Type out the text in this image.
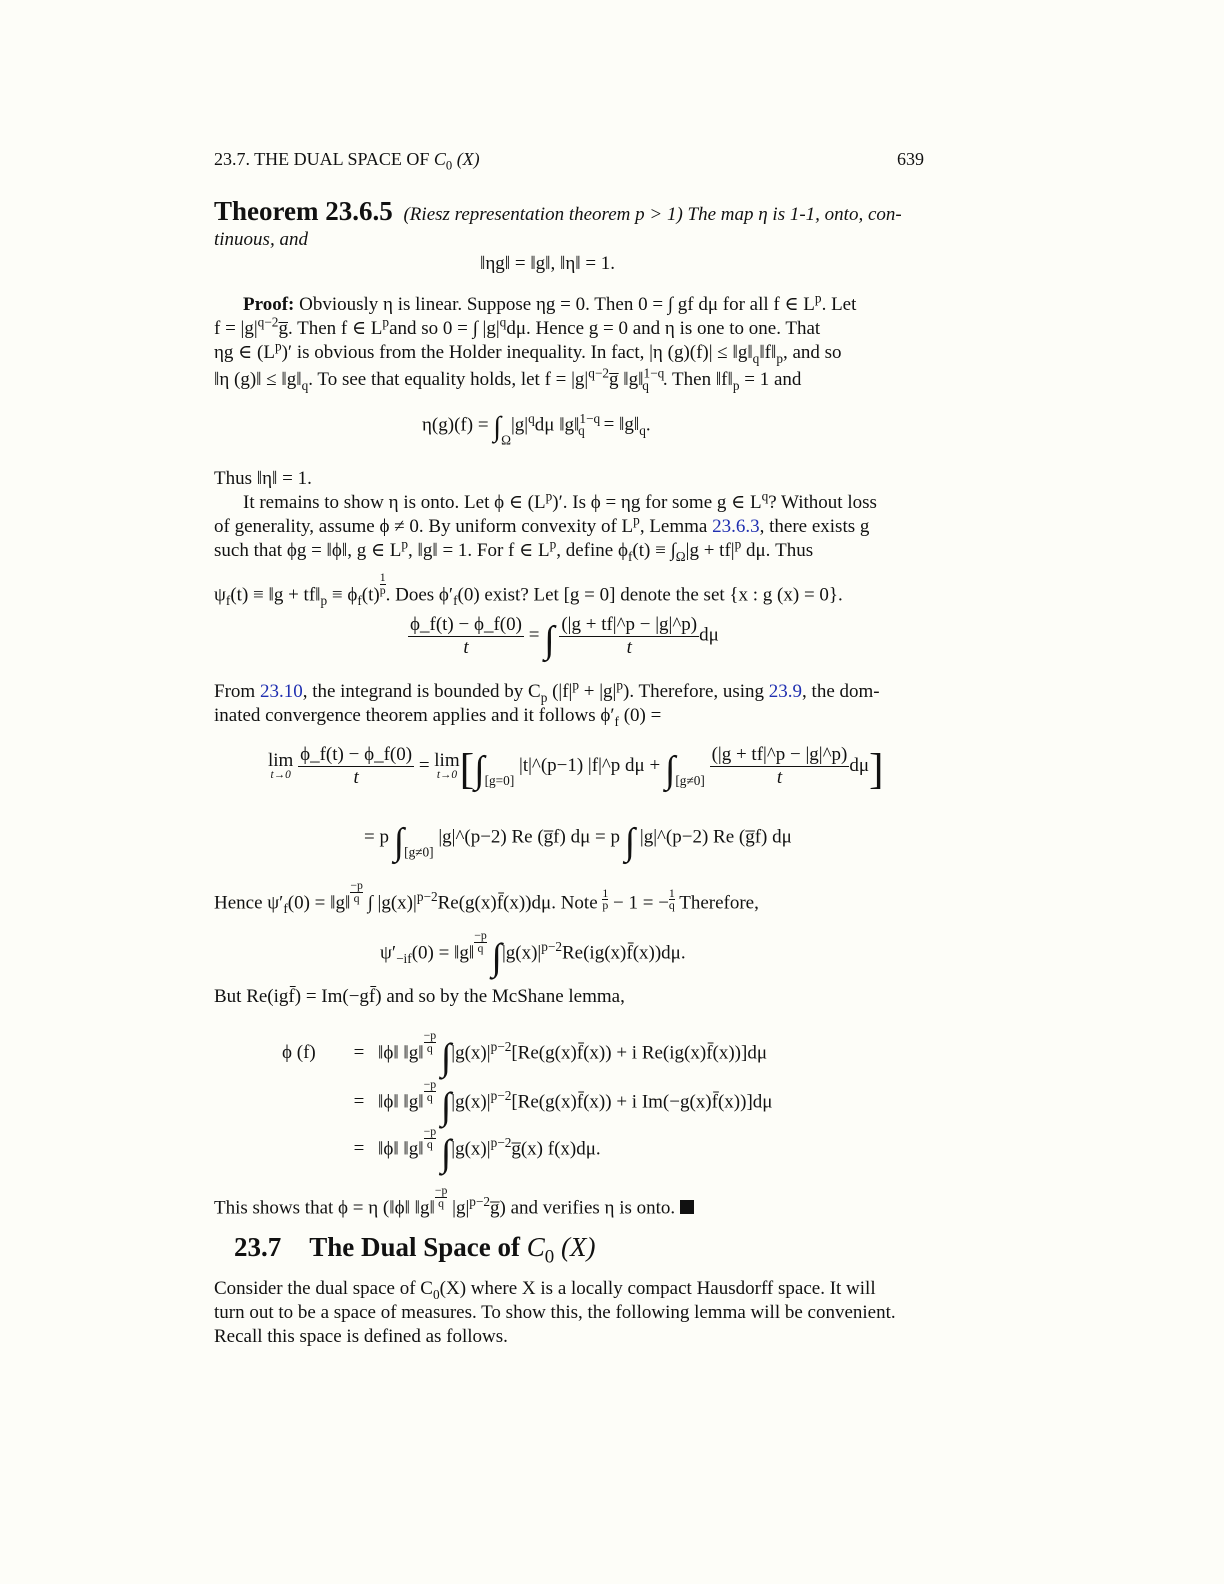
23.7. THE DUAL SPACE OF $C_0$ (X)	639
Theorem 23.6.5 (Riesz representation theorem p > 1) The map η is 1-1, onto, con-
tinuous, and
‖ηg‖ = ‖g‖, ‖η‖ = 1.
Proof: Obviously η is linear. Suppose ηg = 0. Then 0 = ∫ gf dμ for all f ∈ $L^p$. Let
$f = |g|^{q-2}g̅$. Then f ∈ $L^pand$ so 0 = ∫ $|g|^qd\mu$. Hence g = 0 and η is one to one. That
ηg ∈ $(L^p)'$ is obvious from the Holder inequality. In fact, |η $(g)(f)| \le ‖g‖_q‖f‖_p$, and so
‖η (g)‖ ≤ $‖g‖_q$. To see that equality holds, let $f = |g|^{q-2}g̅$ ‖g‖$^{1-q}_q$ . Then $‖f‖_p = 1$ and
$\eta(g)(f) = \int_\Omega|g|^qd\mu$ ‖g‖$^{1-q}_q$ = $‖g‖_q$.
Thus ‖η‖ = 1.
It remains to show η is onto. Let ϕ ∈ $(L^p)'$. Is ϕ = ηg for some g ∈ $L^q$? Without loss
of generality, assume ϕ ≠ 0. By uniform convexity of $L^p$, Lemma 23.6.3, there exists g
such that ϕg = ‖ϕ‖, g ∈ $L^p$, ‖g‖ = 1. For f ∈ $L^p$, define $\phi_f(t) \equiv \int_\Omega|g + tf|^p$ dμ. Thus
$\psi_f(t)$ ≡ ‖g + $tf‖_p \equiv \phi_f(t) \frac{1}{p}$ . Does $\phi'_f(0)$ exist? Let [g = 0] denote the set {x : g (x) = 0}.
$\frac{\phi\_f(t) - \phi\_f(0)}{t}$ = ∫ $\frac{(|g + tf|\^{}p - |g|\^{}p)}{t}$ dμ
From 23.10, the integrand is bounded by $C_p$ $(|f|^p + |g|^p)$. Therefore, using 23.9, the dom-
inated convergence theorem applies and it follows $\phi'_f$ (0) =
lim
t→0
$\frac{\phi\_f(t) - \phi\_f(0)}{t} = \lim$
t→0 [$\int_{[g=0]}$ |t|^(p−1) |f|^p $d\mu + \int_{[g\ne 0]} \frac{(|g + tf|\^{}p - |g|\^{}p)}{t} d\mu$]
= p $\int_{[g\ne 0]}$ |g|^(p−2) Re (g̅f) dμ = p ∫ |g|^(p−2) Re (g̅f) dμ
Hence $\psi'_f(0)$ = ‖g‖ $\frac{-p}{q}$ ∫ $|g(x)|^{p-2}Re(g(x)f̄(x))d\mu$. Note $\frac{1}{p} - 1$ = − $\frac{1}{q}$ Therefore,
$\psi'_{-if}(0)$ = ‖g‖ $\frac{-p}{q}$ $\int|g(x)|^{p-2}Re(ig(x)f̄(x))d\mu$.
But Re(igf̄) = Im(−gf̄) and so by the McShane lemma,
ϕ (f) = ‖ϕ‖ ‖g‖ $\frac{-p}{q}$ $\int|g(x)|^{p-2}[Re(g(x)f̄(x)) + i$ Re(ig(x)f̄(x))]dμ
= ‖ϕ‖ ‖g‖ $\frac{-p}{q}$ $\int|g(x)|^{p-2}[Re(g(x)f̄(x)) + i$ Im(−g(x)f̄(x))]dμ
= ‖ϕ‖ ‖g‖ $\frac{-p}{q}$ $\int|g(x)|^{p-2}g̅(x)$ f(x)dμ.
This shows that ϕ = η (‖ϕ‖ ‖g‖ $\frac{-p}{q}$ $|g|^{p-2}g̅$) and verifies η is onto.
23.7 The Dual Space of $C_0$ (X)
Consider the dual space of $C_0(X)$ where X is a locally compact Hausdorff space. It will
turn out to be a space of measures. To show this, the following lemma will be convenient.
Recall this space is defined as follows.
